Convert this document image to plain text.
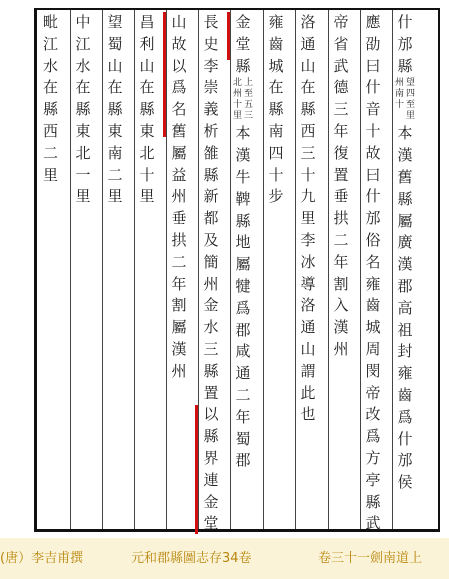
什
邡
縣
望
州
四
南
至
十
里
本
漢
舊
縣
屬
廣
漢
郡
高
祖
封
雍
齒
爲
什
邡
侯
應
劭
曰
什
音
十
故
曰
什
邡
俗
名
雍
齒
城
周
閔
帝
改
爲
方
亭
縣
武
帝
省
武
德
三
年
復
置
垂
拱
二
年
割
入
漢
州
洛
通
山
在
縣
西
三
十
九
里
李
冰
導
洛
通
山
謂
此
也
雍
齒
城
在
縣
南
四
十
步
金
堂
縣
上
北
至
州
五
十
三
里
本
漢
牛
鞞
縣
地
屬
犍
爲
郡
咸
通
二
年
蜀
郡
長
史
李
崇
義
析
雒
縣
新
都
及
簡
州
金
水
三
縣
置
以
縣
界
連
金
堂
山
故
以
爲
名
舊
屬
益
州
垂
拱
二
年
割
屬
漢
州
昌
利
山
在
縣
東
北
十
里
望
蜀
山
在
縣
東
南
二
里
中
江
水
在
縣
東
北
一
里
毗
江
水
在
縣
西
二
里
(唐）李吉甫撰	元和郡縣圖志存34卷	卷三十一劍南道上
